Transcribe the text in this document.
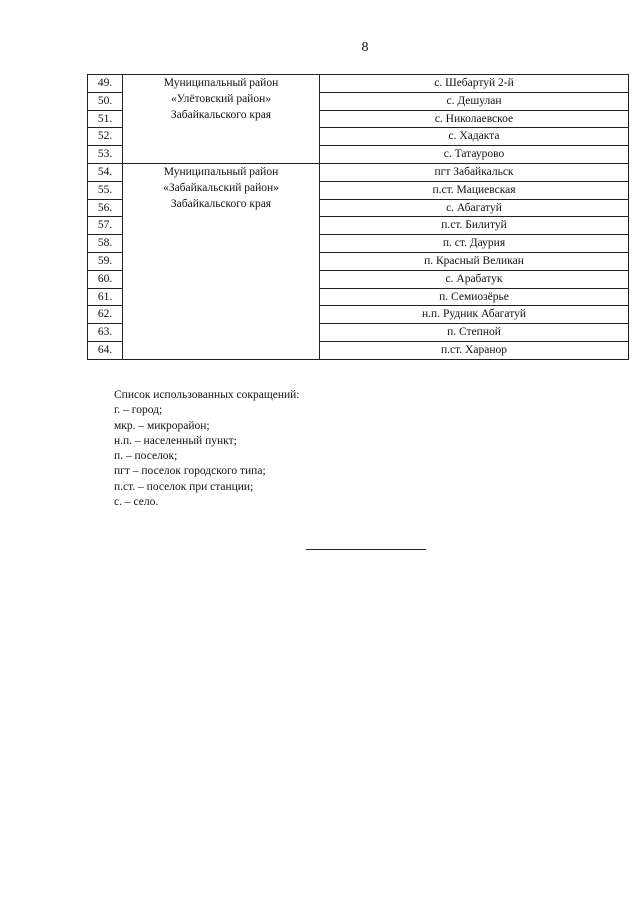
8
49.	Муниципальный район
«Улётовский район»
Забайкальского края	с. Шебартуй 2-й
50.		с. Дешулан
51.		с. Николаевское
52.		с. Хадакта
53.		с. Татаурово
54.	Муниципальный район
«Забайкальский район»
Забайкальского края	пгт Забайкальск
55.		п.ст. Мациевская
56.		с. Абагатуй
57.		п.ст. Билитуй
58.		п. ст. Даурия
59.		п. Красный Великан
60.		с. Арабатук
61.		п. Семиозёрье
62.		н.п. Рудник Абагатуй
63.		п. Степной
64.		п.ст. Харанор
Список использованных сокращений:
г. – город;
мкр. – микрорайон;
н.п. – населенный пункт;
п. – поселок;
пгт – поселок городского типа;
п.ст. – поселок при станции;
с. – село.
